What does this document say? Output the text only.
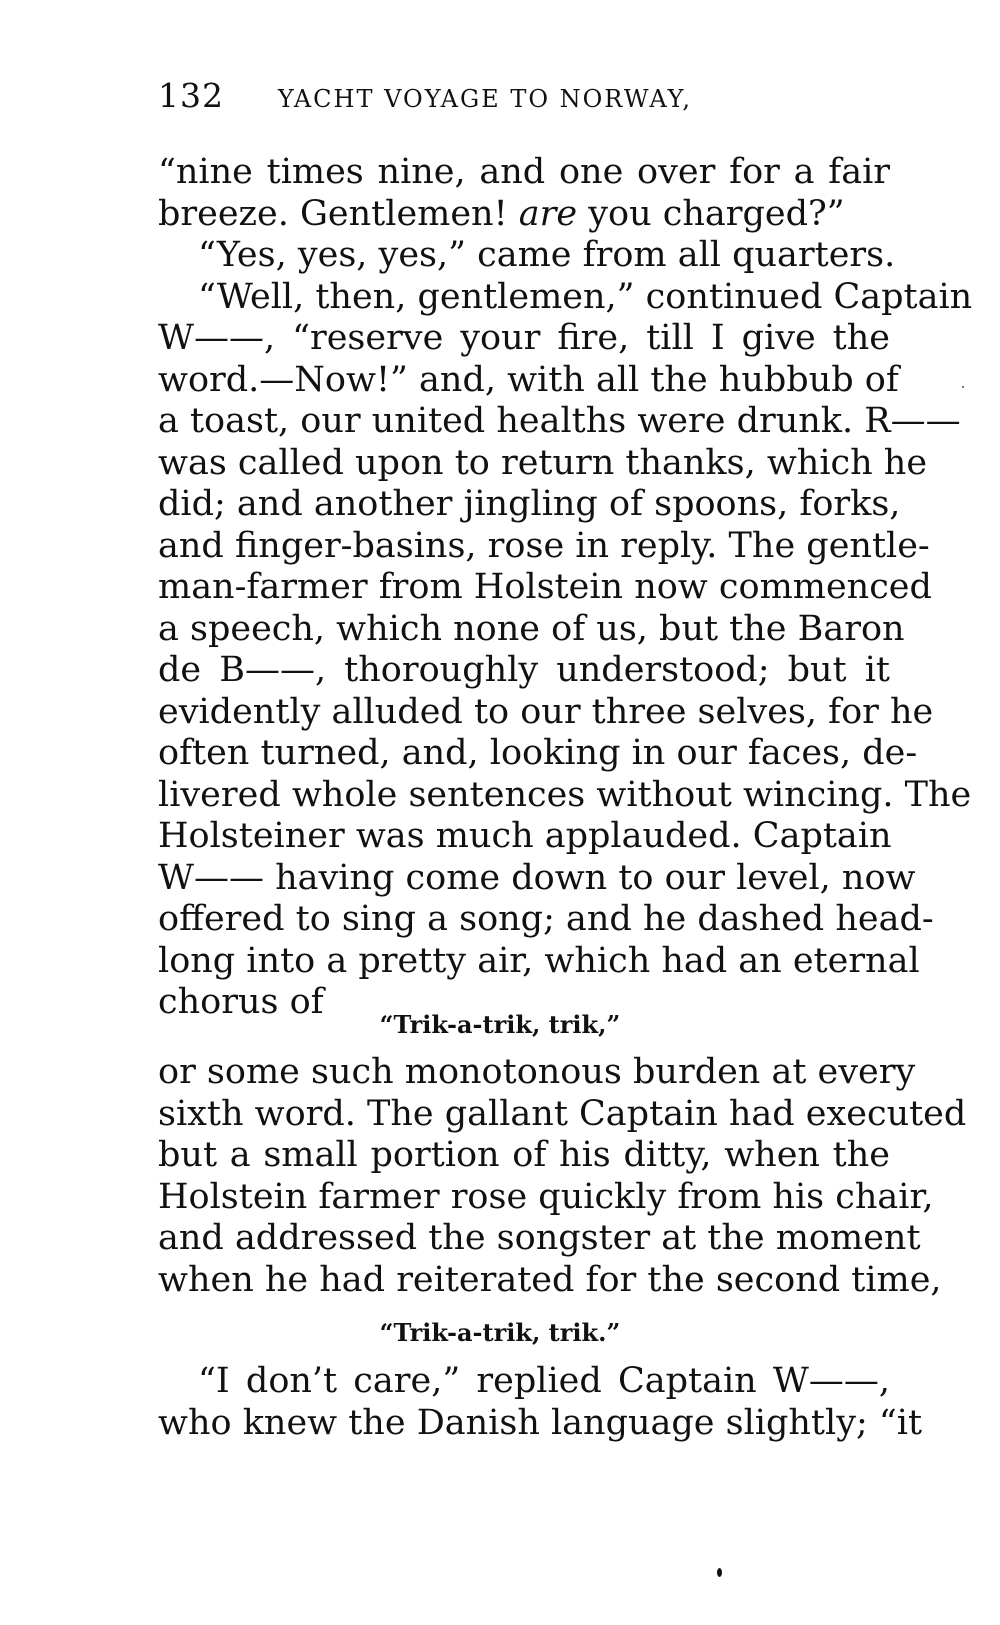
132 YACHT VOYAGE TO NORWAY,
“nine times nine, and one over for a fair
breeze. Gentlemen! are you charged?”
“Yes, yes, yes,” came from all quarters.
“Well, then, gentlemen,” continued Captain
W——, “reserve your fire, till I give the
word.—Now!” and, with all the hubbub of
a toast, our united healths were drunk. R——
was called upon to return thanks, which he
did; and another jingling of spoons, forks,
and finger-basins, rose in reply. The gentle-
man-farmer from Holstein now commenced
a speech, which none of us, but the Baron
de B——, thoroughly understood; but it
evidently alluded to our three selves, for he
often turned, and, looking in our faces, de-
livered whole sentences without wincing. The
Holsteiner was much applauded. Captain
W—— having come down to our level, now
offered to sing a song; and he dashed head-
long into a pretty air, which had an eternal
chorus of
“Trik-a-trik, trik,”
or some such monotonous burden at every
sixth word. The gallant Captain had executed
but a small portion of his ditty, when the
Holstein farmer rose quickly from his chair,
and addressed the songster at the moment
when he had reiterated for the second time,
“Trik-a-trik, trik.”
“I don’t care,” replied Captain W——,
who knew the Danish language slightly; “it
